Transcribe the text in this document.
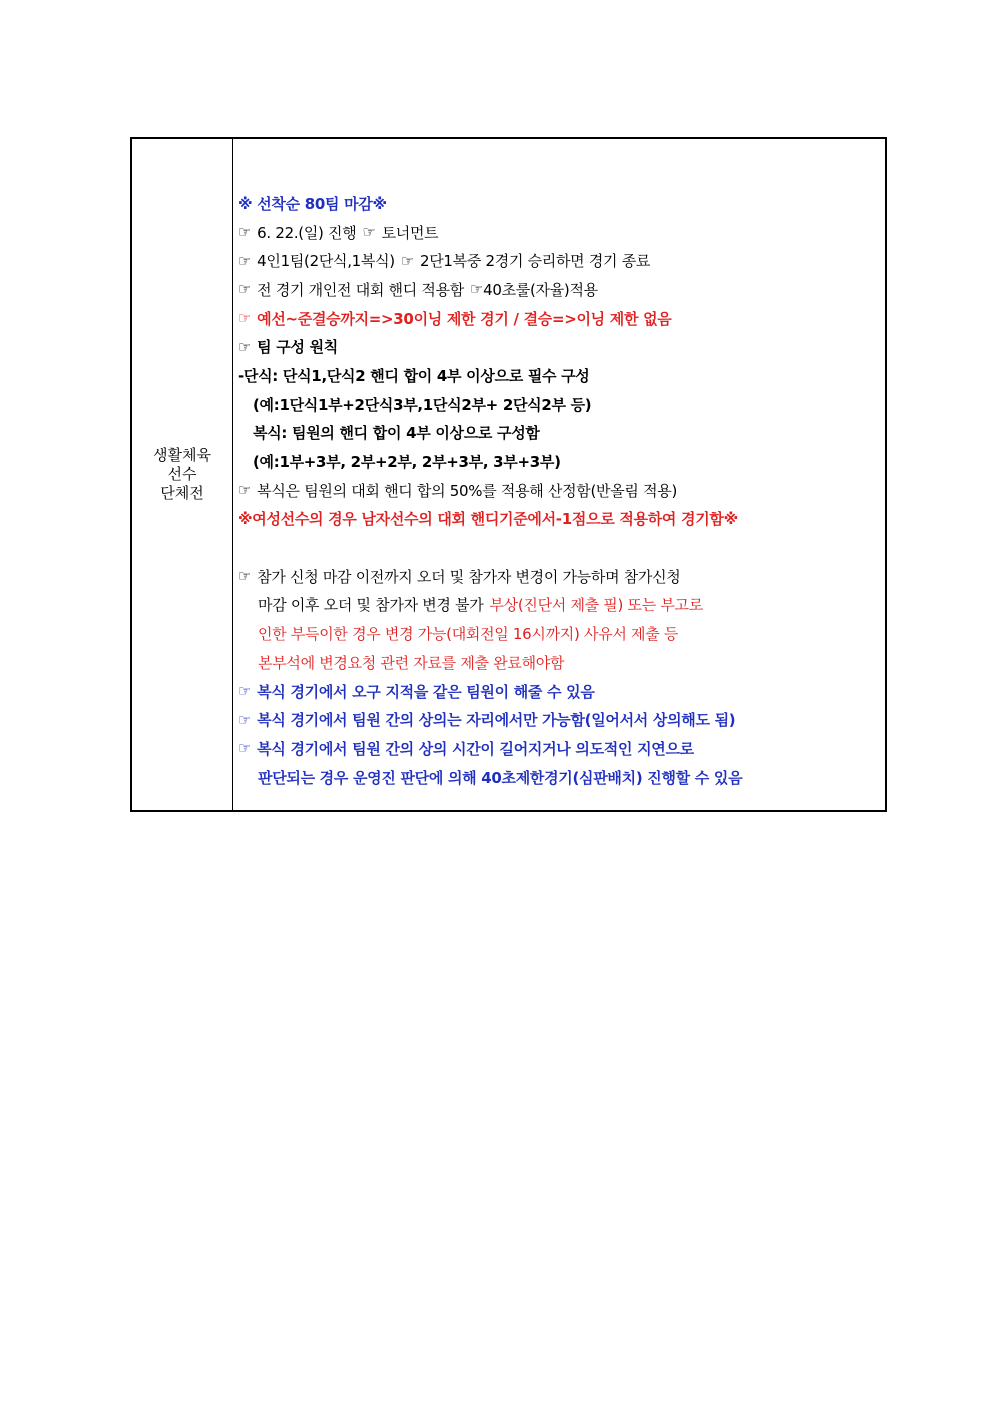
생활체육
선수
단체전
※ 선착순 80팀 마감※
☞ 6. 22.(일) 진행 ☞ 토너먼트
☞ 4인1팀(2단식,1복식) ☞ 2단1복중 2경기 승리하면 경기 종료
☞ 전 경기 개인전 대회 핸디 적용함 ☞ 40초룰(자율)적용
☞ 예선~준결승까지=>30이닝 제한 경기 / 결승=>이닝 제한 없음
☞ 팀 구성 원칙
-단식: 단식1,단식2 핸디 합이 4부 이상으로 필수 구성
(예:1단식1부+2단식3부,1단식2부+ 2단식2부 등)
복식: 팀원의 핸디 합이 4부 이상으로 구성함
(예:1부+3부, 2부+2부, 2부+3부, 3부+3부)
☞ 복식은 팀원의 대회 핸디 합의 50%를 적용해 산정함(반올림 적용)
※여성선수의 경우 남자선수의 대회 핸디기준에서-1점으로 적용하여 경기함※
☞ 참가 신청 마감 이전까지 오더 및 참가자 변경이 가능하며 참가신청
마감 이후 오더 및 참가자 변경 불가 부상(진단서 제출 필) 또는 부고로
인한 부득이한 경우 변경 가능(대회전일 16시까지) 사유서 제출 등
본부석에 변경요청 관련 자료를 제출 완료해야함
☞ 복식 경기에서 오구 지적을 같은 팀원이 해줄 수 있음
☞ 복식 경기에서 팀원 간의 상의는 자리에서만 가능함(일어서서 상의해도 됨)
☞ 복식 경기에서 팀원 간의 상의 시간이 길어지거나 의도적인 지연으로
판단되는 경우 운영진 판단에 의해 40초제한경기(심판배치) 진행할 수 있음
